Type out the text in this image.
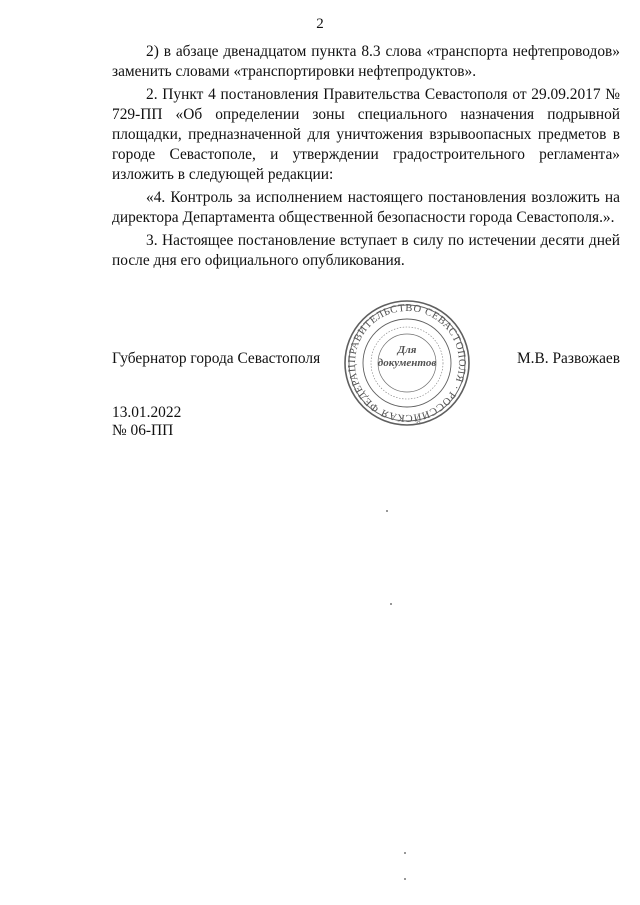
2

2) в абзаце двенадцатом пункта 8.3 слова «транспорта нефтепроводов» заменить словами «транспортировки нефтепродуктов».

2. Пункт 4 постановления Правительства Севастополя от 29.09.2017 № 729-ПП «Об определении зоны специального назначения подрывной площадки, предназначенной для уничтожения взрывоопасных предметов в городе Севастополе, и утверждении градостроительного регламента» изложить в следующей редакции:

«4. Контроль за исполнением настоящего постановления возложить на директора Департамента общественной безопасности города Севастополя.».

3. Настоящее постановление вступает в силу по истечении десяти дней после дня его официального опубликования.

Губернатор города Севастополя	ПРАВИТЕЛЬСТВО СЕВАСТОПОЛЯ · РОССИЙСКАЯ ФЕДЕРАЦ
Для
документов	М.В. Развожаев
13.01.2022
№ 06-ПП
